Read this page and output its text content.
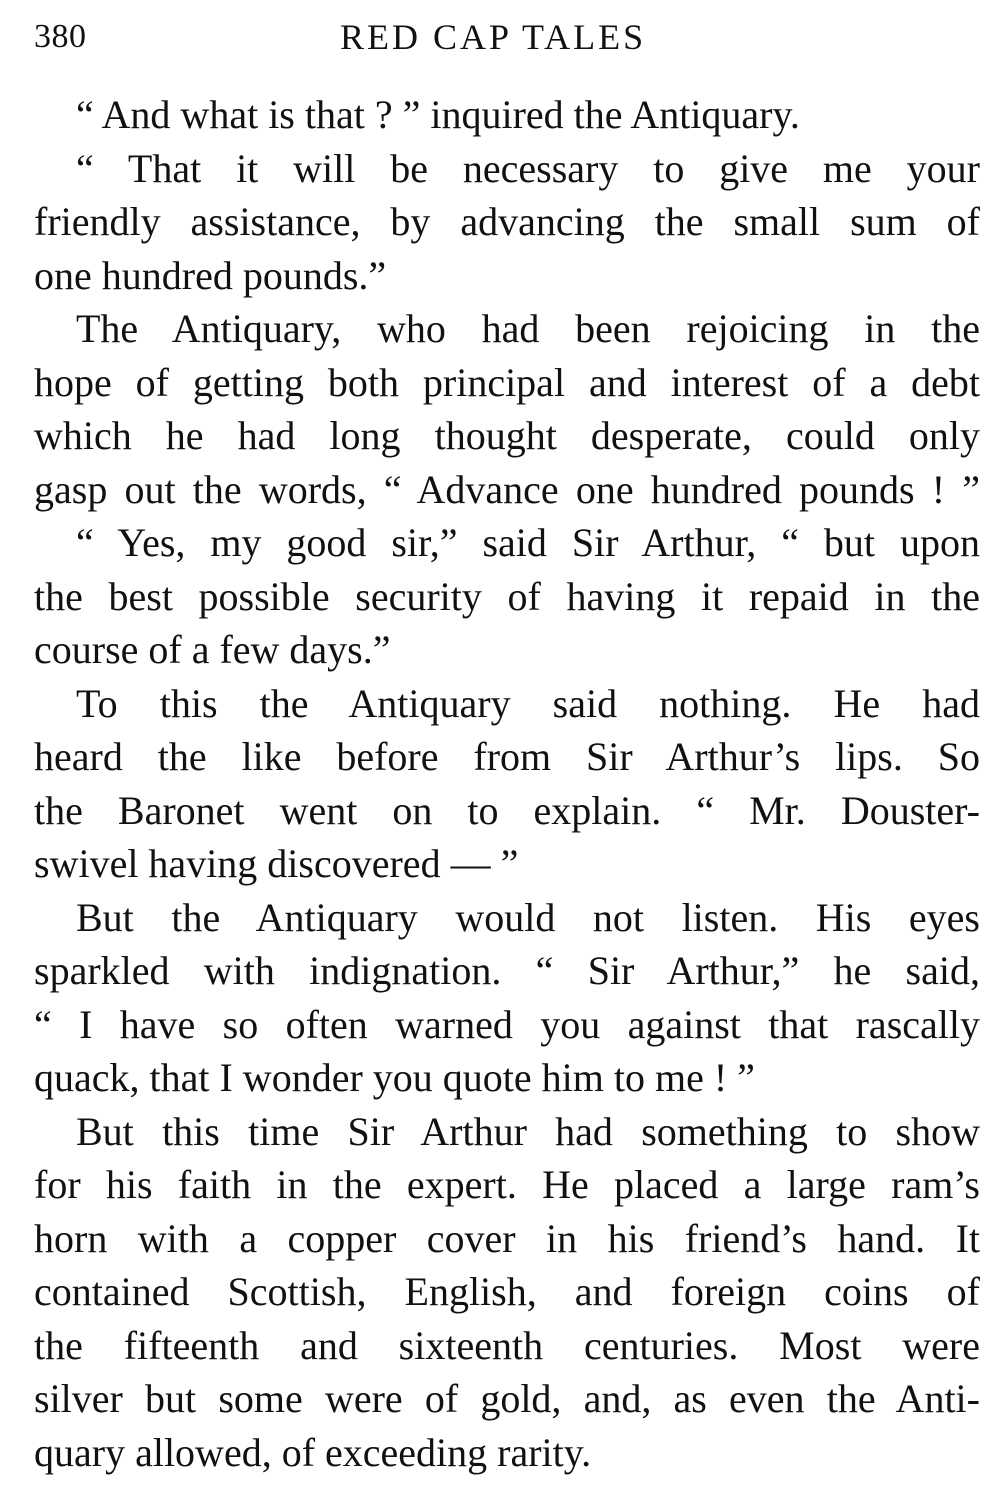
380	RED CAP TALES
“ And what is that ? ” inquired the Antiquary.
“ That it will be necessary to give me your
friendly assistance, by advancing the small sum of
one hundred pounds.”
The Antiquary, who had been rejoicing in the
hope of getting both principal and interest of a debt
which he had long thought desperate, could only
gasp out the words, “ Advance one hundred pounds ! ”
“ Yes, my good sir,” said Sir Arthur, “ but upon
the best possible security of having it repaid in the
course of a few days.”
To this the Antiquary said nothing. He had
heard the like before from Sir Arthur’s lips. So
the Baronet went on to explain. “ Mr. Douster-
swivel having discovered — ”
But the Antiquary would not listen. His eyes
sparkled with indignation. “ Sir Arthur,” he said,
“ I have so often warned you against that rascally
quack, that I wonder you quote him to me ! ”
But this time Sir Arthur had something to show
for his faith in the expert. He placed a large ram’s
horn with a copper cover in his friend’s hand. It
contained Scottish, English, and foreign coins of
the fifteenth and sixteenth centuries. Most were
silver but some were of gold, and, as even the Anti-
quary allowed, of exceeding rarity.
